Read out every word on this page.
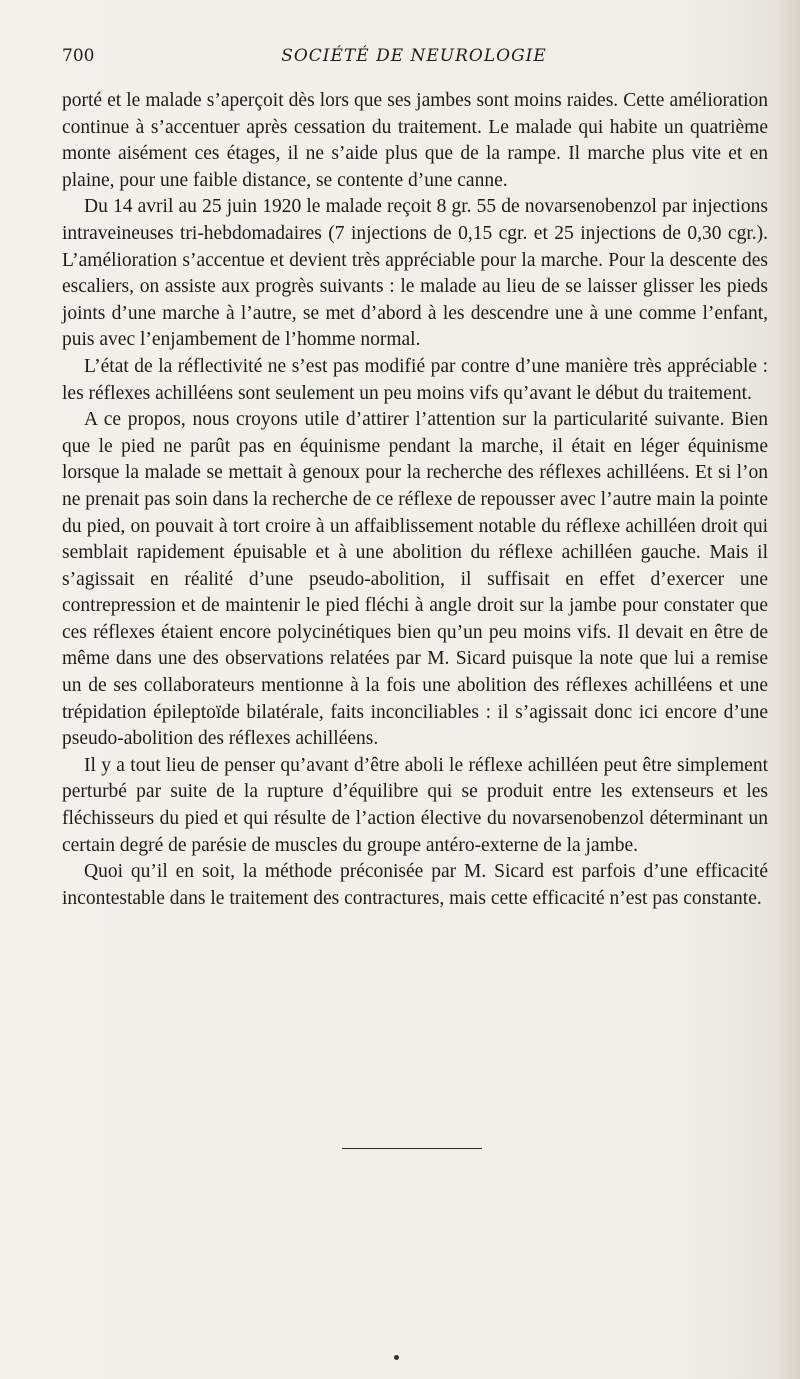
700	SOCIÉTÉ DE NEUROLOGIE

porté et le malade s’aperçoit dès lors que ses jambes sont moins raides. Cette amélioration continue à s’accentuer après cessation du traitement. Le malade qui habite un quatrième monte aisément ces étages, il ne s’aide plus que de la rampe. Il marche plus vite et en plaine, pour une faible distance, se contente d’une canne.

Du 14 avril au 25 juin 1920 le malade reçoit 8 gr. 55 de novarsenobenzol par injections intraveineuses tri-hebdomadaires (7 injections de 0,15 cgr. et 25 injections de 0,30 cgr.). L’amélioration s’accentue et devient très appréciable pour la marche. Pour la descente des escaliers, on assiste aux progrès suivants : le malade au lieu de se laisser glisser les pieds joints d’une marche à l’autre, se met d’abord à les descendre une à une comme l’enfant, puis avec l’enjambement de l’homme normal.

L’état de la réflectivité ne s’est pas modifié par contre d’une manière très appréciable : les réflexes achilléens sont seulement un peu moins vifs qu’avant le début du traitement.

A ce propos, nous croyons utile d’attirer l’attention sur la particularité suivante. Bien que le pied ne parût pas en équinisme pendant la marche, il était en léger équinisme lorsque la malade se mettait à genoux pour la recherche des réflexes achilléens. Et si l’on ne prenait pas soin dans la recherche de ce réflexe de repousser avec l’autre main la pointe du pied, on pouvait à tort croire à un affaiblissement notable du réflexe achilléen droit qui semblait rapidement épuisable et à une abolition du réflexe achilléen gauche. Mais il s’agissait en réalité d’une pseudo-abolition, il suffisait en effet d’exercer une contrepression et de maintenir le pied fléchi à angle droit sur la jambe pour constater que ces réflexes étaient encore polycinétiques bien qu’un peu moins vifs. Il devait en être de même dans une des observations relatées par M. Sicard puisque la note que lui a remise un de ses collaborateurs mentionne à la fois une abolition des réflexes achilléens et une trépidation épileptoïde bilatérale, faits inconciliables : il s’agissait donc ici encore d’une pseudo-abolition des réflexes achilléens.

Il y a tout lieu de penser qu’avant d’être aboli le réflexe achilléen peut être simplement perturbé par suite de la rupture d’équilibre qui se produit entre les extenseurs et les fléchisseurs du pied et qui résulte de l’action élective du novarsenobenzol déterminant un certain degré de parésie de muscles du groupe antéro-externe de la jambe.

Quoi qu’il en soit, la méthode préconisée par M. Sicard est parfois d’une efficacité incontestable dans le traitement des contractures, mais cette efficacité n’est pas constante.
